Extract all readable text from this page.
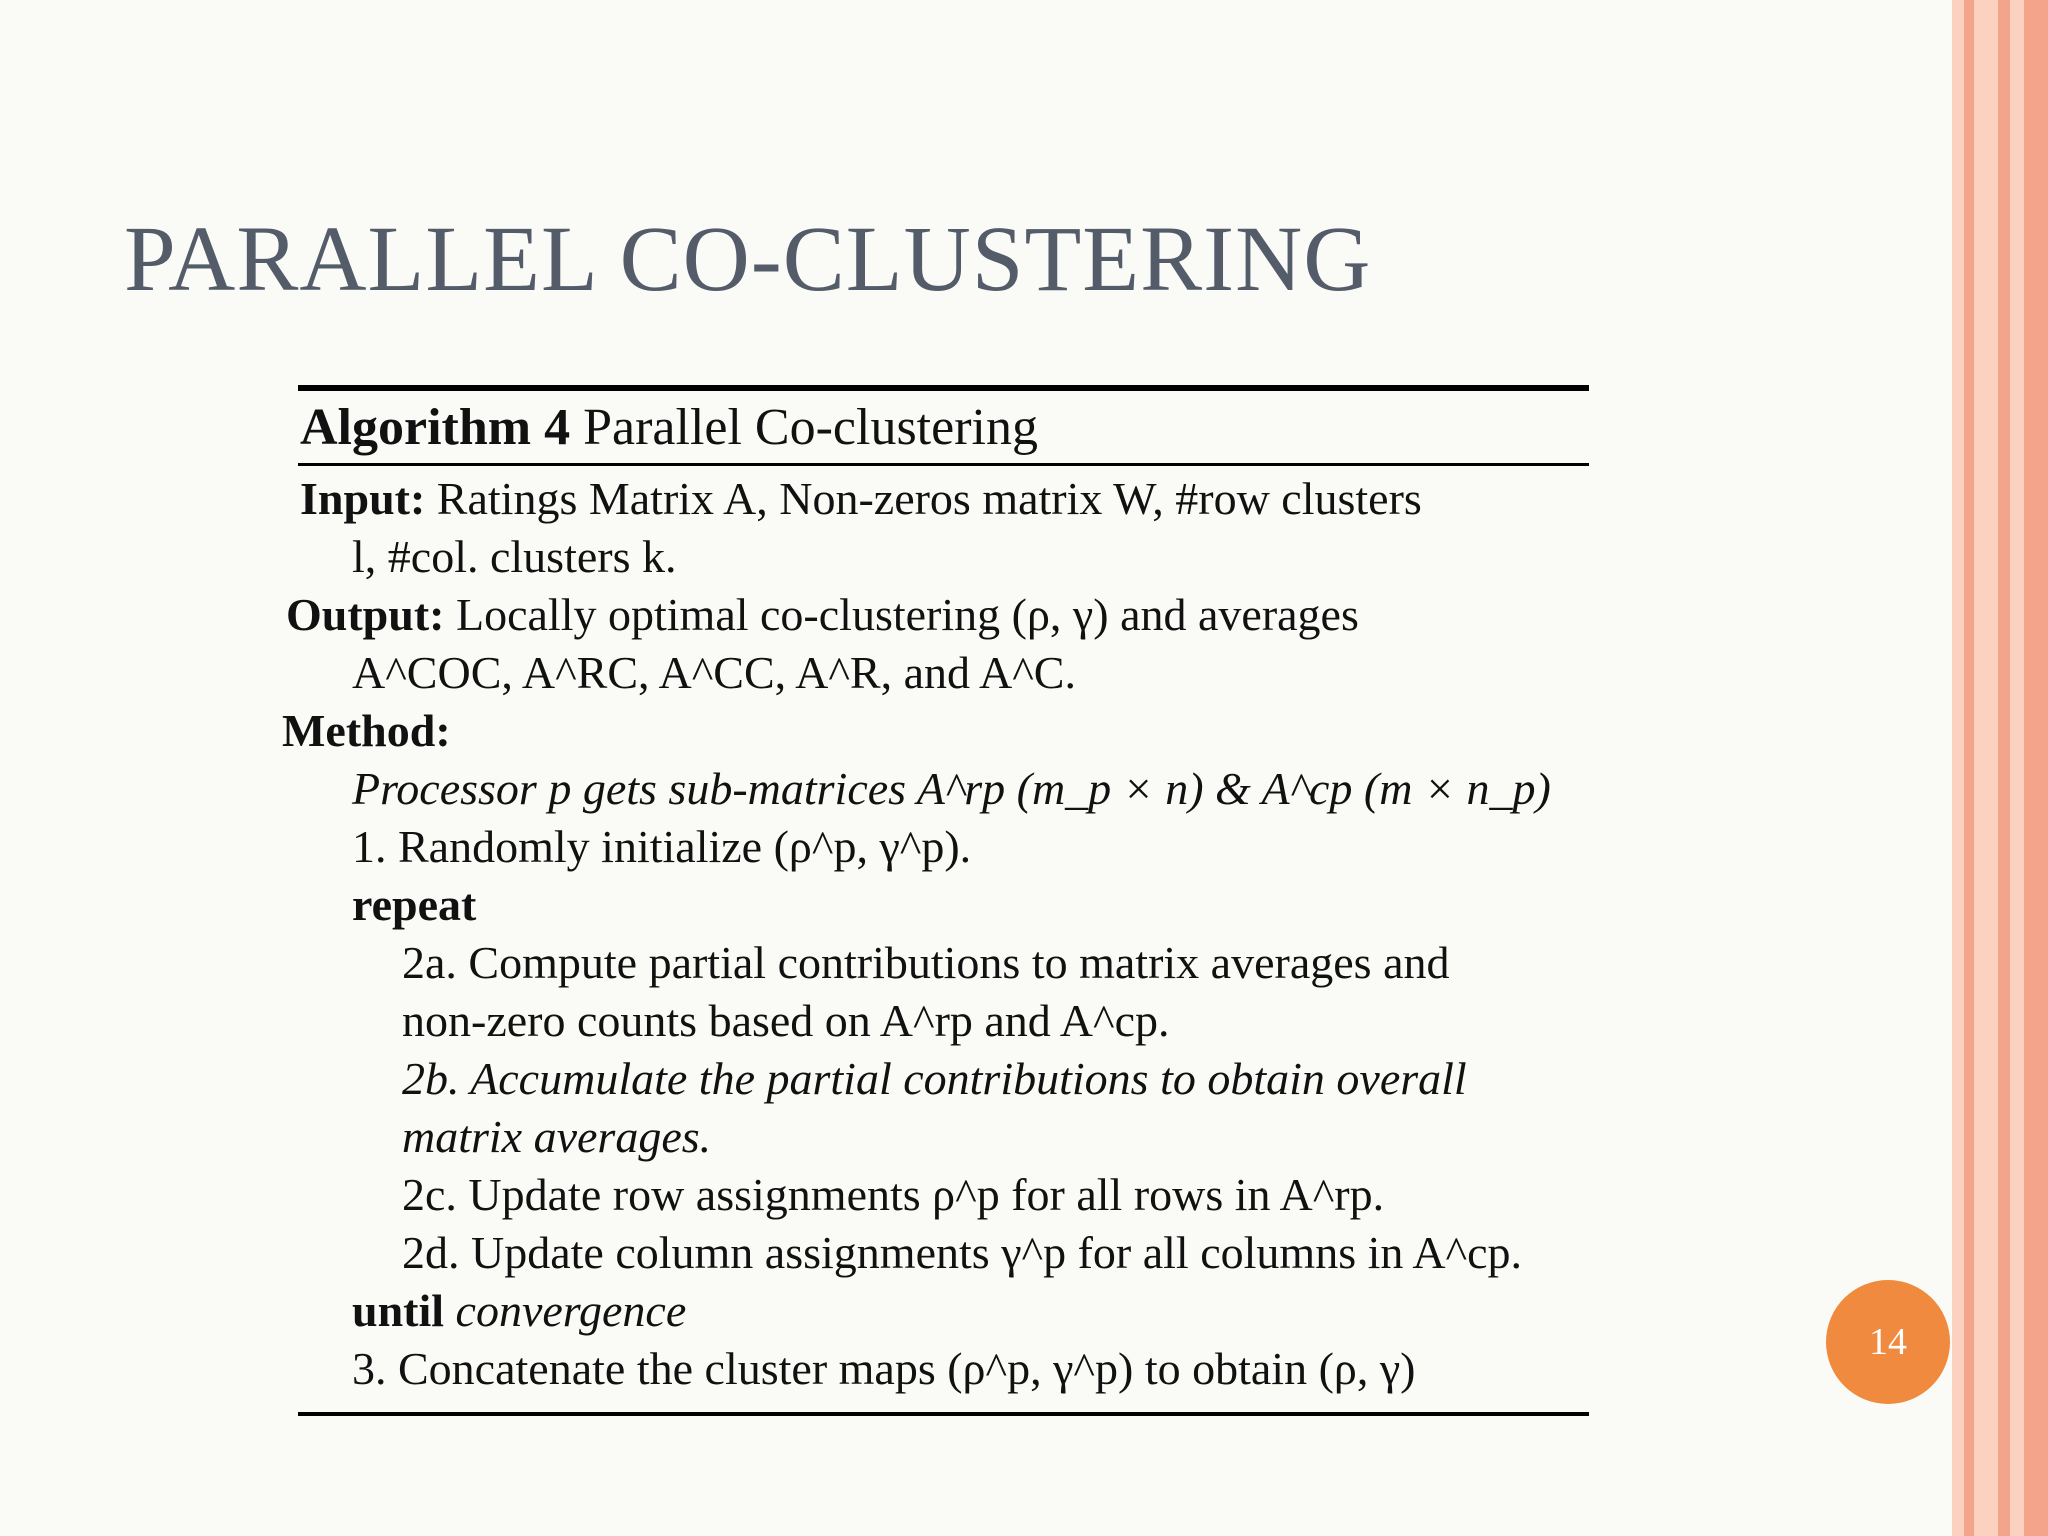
PARALLEL CO-CLUSTERING
Algorithm 4 Parallel Co-clustering
Input: Ratings Matrix A, Non-zeros matrix W, #row clusters
l, #col. clusters k.
Output: Locally optimal co-clustering (ρ, γ) and averages
A^COC, A^RC, A^CC, A^R, and A^C.
Method:
Processor p gets sub-matrices A^rp (m_p × n) & A^cp (m × n_p)
1. Randomly initialize (ρ^p, γ^p).
repeat
2a. Compute partial contributions to matrix averages and
non-zero counts based on A^rp and A^cp.
2b. Accumulate the partial contributions to obtain overall
matrix averages.
2c. Update row assignments ρ^p for all rows in A^rp.
2d. Update column assignments γ^p for all columns in A^cp.
until convergence
3. Concatenate the cluster maps (ρ^p, γ^p) to obtain (ρ, γ)
14
